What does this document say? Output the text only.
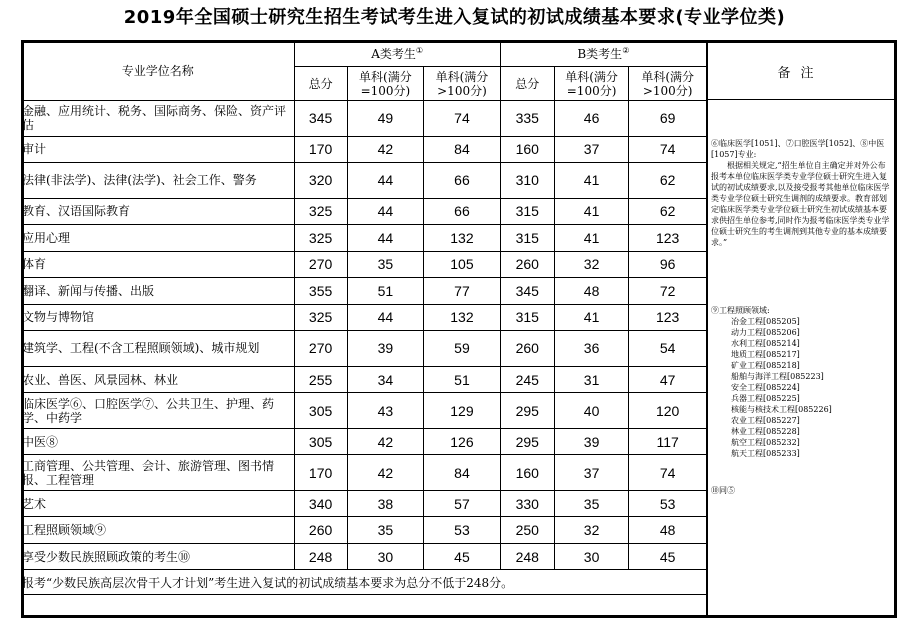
2019年全国硕士研究生招生考试考生进入复试的初试成绩基本要求(专业学位类)
专业学位名称	A类考生①			B类考生②
	总分	单科(满分=100分)	单科(满分>100分)	总分	单科(满分=100分)	单科(满分>100分)
金融、应用统计、税务、国际商务、保险、资产评估	345	49	74	335	46	69
审计	170	42	84	160	37	74
法律(非法学)、法律(法学)、社会工作、警务	320	44	66	310	41	62
教育、汉语国际教育	325	44	66	315	41	62
应用心理	325	44	132	315	41	123
体育	270	35	105	260	32	96
翻译、新闻与传播、出版	355	51	77	345	48	72
文物与博物馆	325	44	132	315	41	123
建筑学、工程(不含工程照顾领域)、城市规划	270	39	59	260	36	54
农业、兽医、风景园林、林业	255	34	51	245	31	47
临床医学⑥、口腔医学⑦、公共卫生、护理、药学、中药学	305	43	129	295	40	120
中医⑧	305	42	126	295	39	117
工商管理、公共管理、会计、旅游管理、图书情报、工程管理	170	42	84	160	37	74
艺术	340	38	57	330	35	53
工程照顾领域⑨	260	35	53	250	32	48
享受少数民族照顾政策的考生⑩	248	30	45	248	30	45
报考“少数民族高层次骨干人才计划”考生进入复试的初试成绩基本要求为总分不低于248分。						
备注

⑥临床医学[1051]、⑦口腔医学[1052]、⑧中医[1057]专业:

根据相关规定,“招生单位自主确定并对外公布报考本单位临床医学类专业学位硕士研究生进入复试的初试成绩要求,以及接受报考其他单位临床医学类专业学位硕士研究生调剂的成绩要求。教育部划定临床医学类专业学位硕士研究生初试成绩基本要求供招生单位参考,同时作为报考临床医学类专业学位硕士研究生的考生调剂到其他专业的基本成绩要求。”

⑨工程照顾领域:

冶金工程[085205]

动力工程[085206]

水利工程[085214]

地质工程[085217]

矿业工程[085218]

船舶与海洋工程[085223]

安全工程[085224]

兵器工程[085225]

核能与核技术工程[085226]

农业工程[085227]

林业工程[085228]

航空工程[085232]

航天工程[085233]

⑩同⑤
